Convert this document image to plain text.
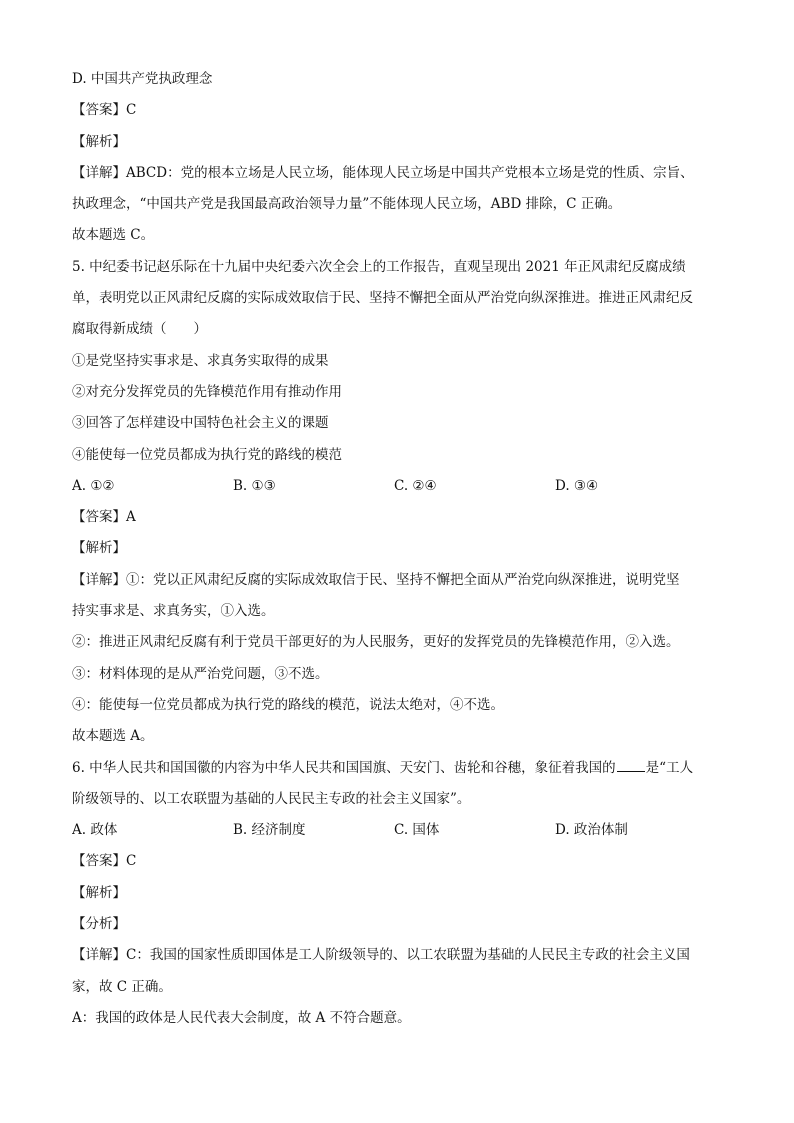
D. 中国共产党执政理念
【答案】C
【解析】
【详解】ABCD：党的根本立场是人民立场，能体现人民立场是中国共产党根本立场是党的性质、宗旨、
执政理念，“中国共产党是我国最高政治领导力量”不能体现人民立场，ABD 排除，C 正确。
故本题选 C。
5. 中纪委书记赵乐际在十九届中央纪委六次全会上的工作报告，直观呈现出 2021 年正风肃纪反腐成绩
单，表明党以正风肃纪反腐的实际成效取信于民、坚持不懈把全面从严治党向纵深推进。推进正风肃纪反
腐取得新成绩（　　）
①是党坚持实事求是、求真务实取得的成果
②对充分发挥党员的先锋模范作用有推动作用
③回答了怎样建设中国特色社会主义的课题
④能使每一位党员都成为执行党的路线的模范
A. ①②	B. ①③	C. ②④	D. ③④
【答案】A
【解析】
【详解】①：党以正风肃纪反腐的实际成效取信于民、坚持不懈把全面从严治党向纵深推进，说明党坚
持实事求是、求真务实，①入选。
②：推进正风肃纪反腐有利于党员干部更好的为人民服务，更好的发挥党员的先锋模范作用，②入选。
③：材料体现的是从严治党问题，③不选。
④：能使每一位党员都成为执行党的路线的模范，说法太绝对，④不选。
故本题选 A。
6. 中华人民共和国国徽的内容为中华人民共和国国旗、天安门、齿轮和谷穗，象征着我国的 是“工人
阶级领导的、以工农联盟为基础的人民民主专政的社会主义国家”。
A. 政体	B. 经济制度	C. 国体	D. 政治体制
【答案】C
【解析】
【分析】
【详解】C：我国的国家性质即国体是工人阶级领导的、以工农联盟为基础的人民民主专政的社会主义国
家，故 C 正确。
A：我国的政体是人民代表大会制度，故 A 不符合题意。
